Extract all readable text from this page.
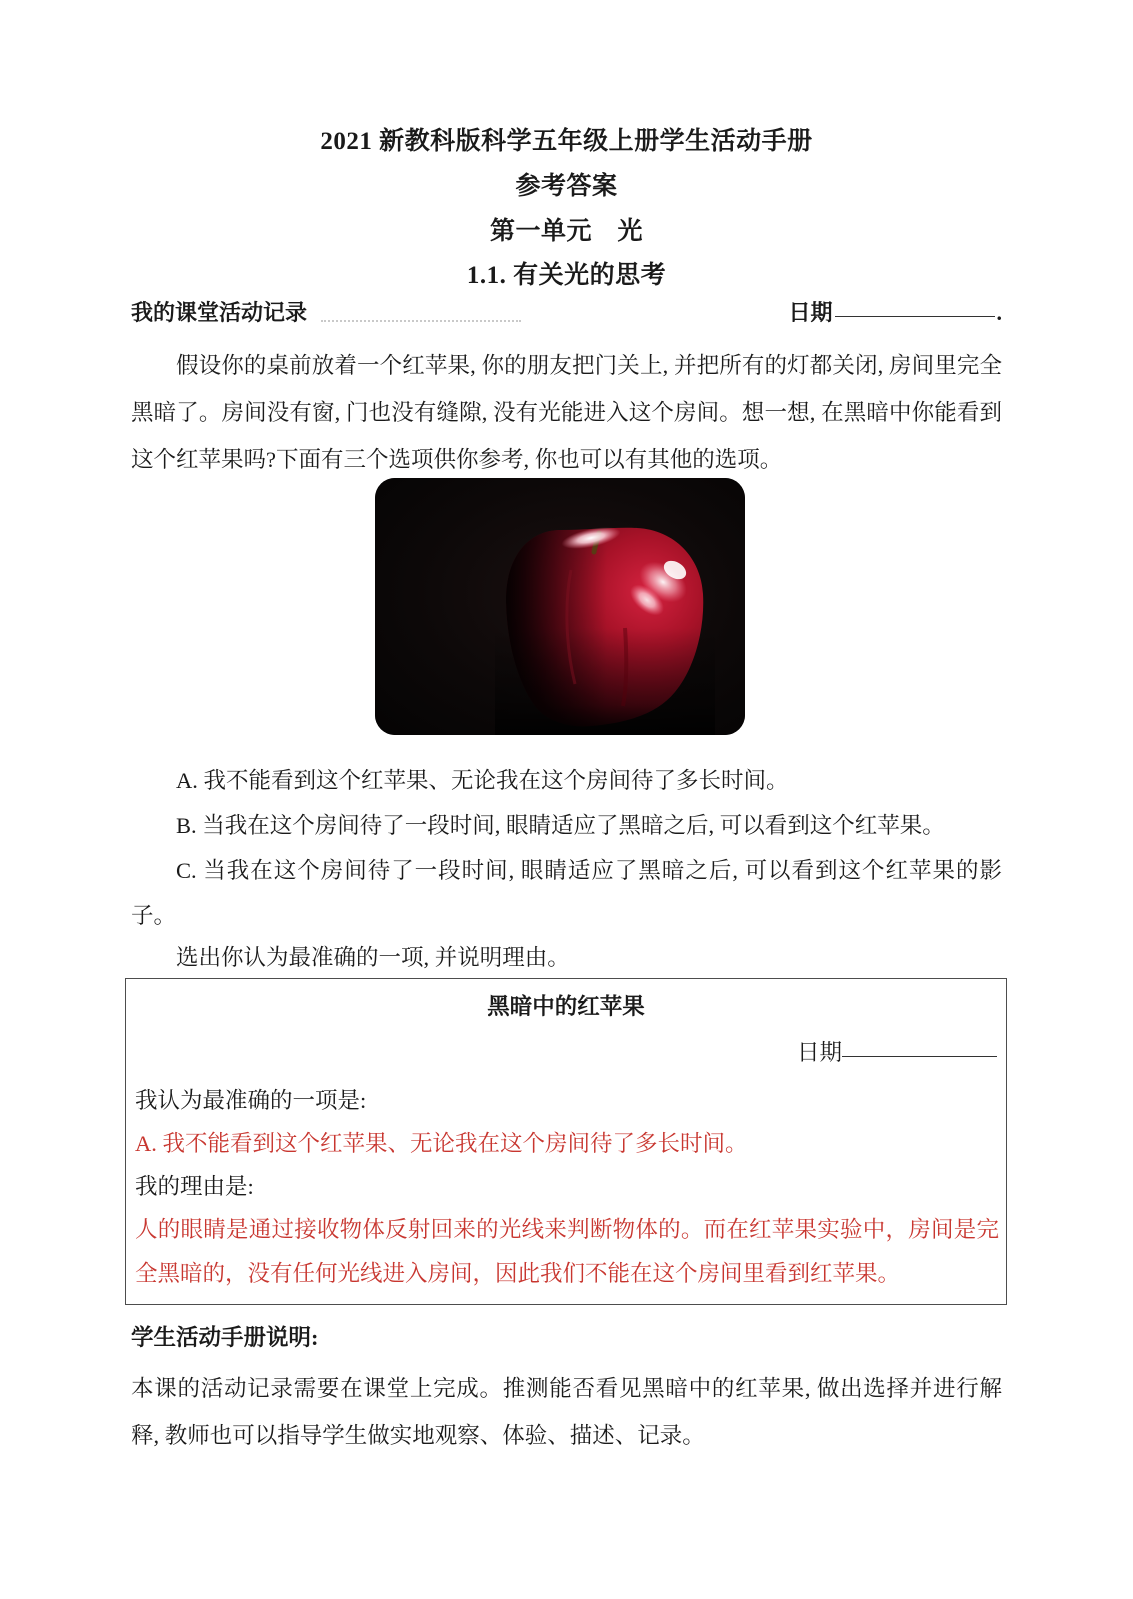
2021 新教科版科学五年级上册学生活动手册
参考答案
第一单元　光
1.1. 有关光的思考
我的课堂活动记录	日期	.
假设你的桌前放着一个红苹果, 你的朋友把门关上, 并把所有的灯都关闭, 房间里完全黑暗了。房间没有窗, 门也没有缝隙, 没有光能进入这个房间。想一想, 在黑暗中你能看到这个红苹果吗?下面有三个选项供你参考, 你也可以有其他的选项。
A. 我不能看到这个红苹果、无论我在这个房间待了多长时间。
B. 当我在这个房间待了一段时间, 眼睛适应了黑暗之后, 可以看到这个红苹果。
C. 当我在这个房间待了一段时间, 眼睛适应了黑暗之后, 可以看到这个红苹果的影子。
选出你认为最准确的一项, 并说明理由。
黑暗中的红苹果
日期
我认为最准确的一项是:
A. 我不能看到这个红苹果、无论我在这个房间待了多长时间。
我的理由是:
人的眼睛是通过接收物体反射回来的光线来判断物体的。而在红苹果实验中，房间是完全黑暗的，没有任何光线进入房间，因此我们不能在这个房间里看到红苹果。
学生活动手册说明:
本课的活动记录需要在课堂上完成。推测能否看见黑暗中的红苹果, 做出选择并进行解释, 教师也可以指导学生做实地观察、体验、描述、记录。
